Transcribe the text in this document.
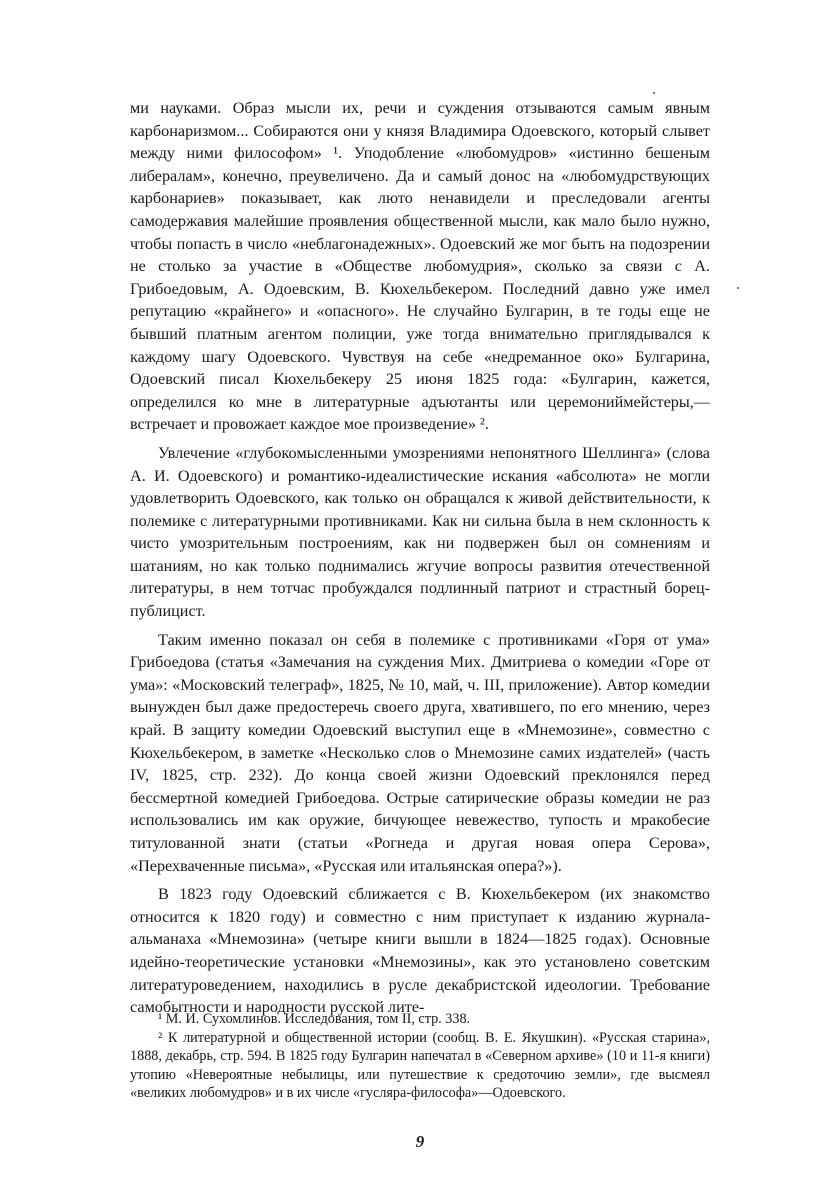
ми науками. Образ мысли их, речи и суждения отзываются самым явным карбонаризмом... Собираются они у князя Владимира Одоевского, который слывет между ними философом» ¹. Уподобление «любомудров» «истинно бешеным либералам», конечно, преувеличено. Да и самый донос на «любомудрствующих карбонариев» показывает, как люто ненавидели и преследовали агенты самодержавия малейшие проявления общественной мысли, как мало было нужно, чтобы попасть в число «неблагонадежных». Одоевский же мог быть на подозрении не столько за участие в «Обществе любомудрия», сколько за связи с А. Грибоедовым, А. Одоевским, В. Кюхельбекером. Последний давно уже имел репутацию «крайнего» и «опасного». Не случайно Булгарин, в те годы еще не бывший платным агентом полиции, уже тогда внимательно приглядывался к каждому шагу Одоевского. Чувствуя на себе «недреманное око» Булгарина, Одоевский писал Кюхельбекеру 25 июня 1825 года: «Булгарин, кажется, определился ко мне в литературные адъютанты или церемониймейстеры,— встречает и провожает каждое мое произведение» ².

Увлечение «глубокомысленными умозрениями непонятного Шеллинга» (слова А. И. Одоевского) и романтико-идеалистические искания «абсолюта» не могли удовлетворить Одоевского, как только он обращался к живой действительности, к полемике с литературными противниками. Как ни сильна была в нем склонность к чисто умозрительным построениям, как ни подвержен был он сомнениям и шатаниям, но как только поднимались жгучие вопросы развития отечественной литературы, в нем тотчас пробуждался подлинный патриот и страстный борец-публицист.

Таким именно показал он себя в полемике с противниками «Горя от ума» Грибоедова (статья «Замечания на суждения Мих. Дмитриева о комедии «Горе от ума»: «Московский телеграф», 1825, № 10, май, ч. III, приложение). Автор комедии вынужден был даже предостеречь своего друга, хватившего, по его мнению, через край. В защиту комедии Одоевский выступил еще в «Мнемозине», совместно с Кюхельбекером, в заметке «Несколько слов о Мнемозине самих издателей» (часть IV, 1825, стр. 232). До конца своей жизни Одоевский преклонялся перед бессмертной комедией Грибоедова. Острые сатирические образы комедии не раз использовались им как оружие, бичующее невежество, тупость и мракобесие титулованной знати (статьи «Рогнеда и другая новая опера Серова», «Перехваченные письма», «Русская или итальянская опера?»).

В 1823 году Одоевский сближается с В. Кюхельбекером (их знакомство относится к 1820 году) и совместно с ним приступает к изданию журнала-альманаха «Мнемозина» (четыре книги вышли в 1824—1825 годах). Основные идейно-теоретические установки «Мнемозины», как это установлено советским литературоведением, находились в русле декабристской идеологии. Требование самобытности и народности русской лите-

¹ М. И. Сухомлинов. Исследования, том II, стр. 338.

² К литературной и общественной истории (сообщ. В. Е. Якушкин). «Русская старина», 1888, декабрь, стр. 594. В 1825 году Булгарин напечатал в «Северном архиве» (10 и 11-я книги) утопию «Невероятные небылицы, или путешествие к средоточию земли», где высмеял «великих любомудров» и в их числе «гусляра-философа»—Одоевского.

9
